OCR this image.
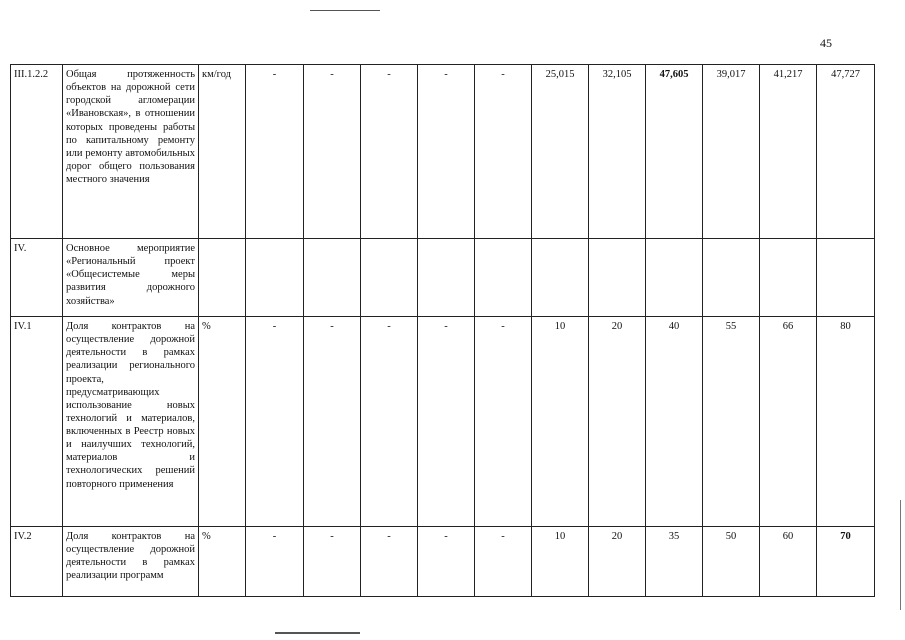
45
III.1.2.2	Общая протяженность объектов на дорожной сети городской агломерации «Ивановская», в отношении которых проведены работы по капитальному ремонту или ремонту автомобильных дорог общего пользования местного значения	км/год	-	-	-	-	-	25,015	32,105	47,605	39,017	41,217	47,727
IV.	Основное мероприятие «Региональный проект «Общесистемые меры развития дорожного хозяйства»												
IV.1	Доля контрактов на осуществление дорожной деятельности в рамках реализации регионального проекта, предусматривающих использование новых технологий и материалов, включенных в Реестр новых и наилучших технологий, материалов и технологических решений повторного применения	%	-	-	-	-	-	10	20	40	55	66	80
IV.2	Доля контрактов на осуществление дорожной деятельности в рамках реализации программ	%	-	-	-	-	-	10	20	35	50	60	70
